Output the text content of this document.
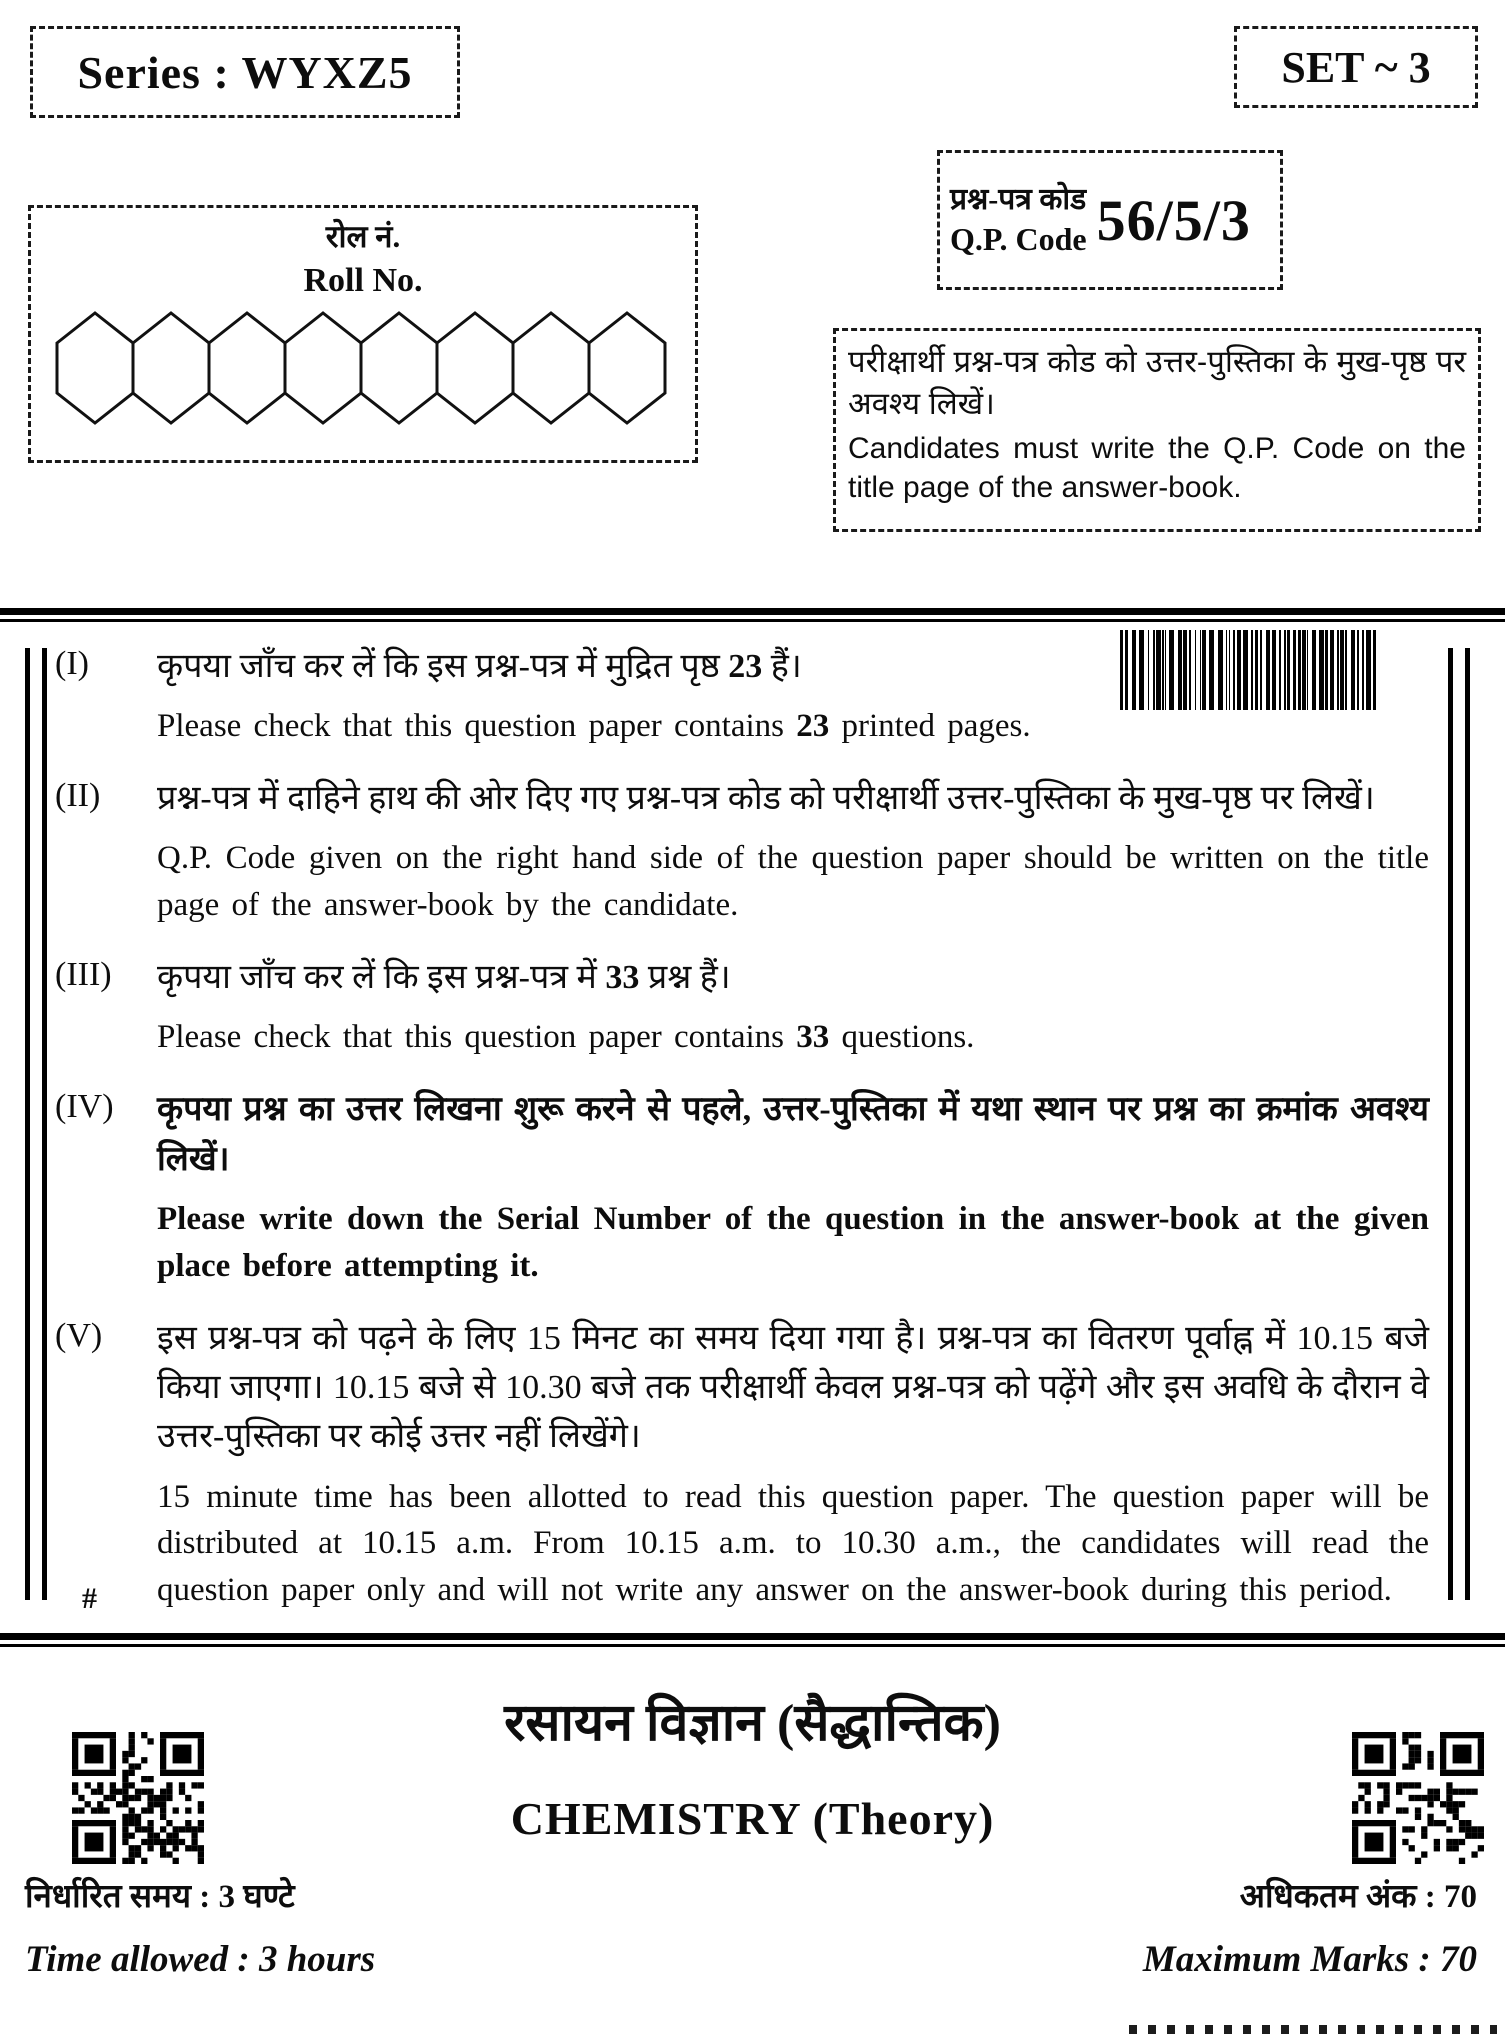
Series : WYXZ5	SET ~ 3
रोल नं.
Roll No.
प्रश्न-पत्र कोड
Q.P. Code 56/5/3

परीक्षार्थी प्रश्न-पत्र कोड को उत्तर-पुस्तिका के मुख-पृष्ठ पर अवश्य लिखें।

Candidates must write the Q.P. Code on the title page of the answer-book.

(I)	कृपया जाँच कर लें कि इस प्रश्न-पत्र में मुद्रित पृष्ठ 23 हैं।

Please check that this question paper contains 23 printed pages.

(II)	प्रश्न-पत्र में दाहिने हाथ की ओर दिए गए प्रश्न-पत्र कोड को परीक्षार्थी उत्तर-पुस्तिका के मुख-पृष्ठ पर लिखें।

Q.P. Code given on the right hand side of the question paper should be written on the title page of the answer-book by the candidate.

(III)	कृपया जाँच कर लें कि इस प्रश्न-पत्र में 33 प्रश्न हैं।

Please check that this question paper contains 33 questions.

(IV)	कृपया प्रश्न का उत्तर लिखना शुरू करने से पहले, उत्तर-पुस्तिका में यथा स्थान पर प्रश्न का क्रमांक अवश्य लिखें।

Please write down the Serial Number of the question in the answer-book at the given place before attempting it.

(V)	इस प्रश्न-पत्र को पढ़ने के लिए 15 मिनट का समय दिया गया है। प्रश्न-पत्र का वितरण पूर्वाह्न में 10.15 बजे किया जाएगा। 10.15 बजे से 10.30 बजे तक परीक्षार्थी केवल प्रश्न-पत्र को पढ़ेंगे और इस अवधि के दौरान वे उत्तर-पुस्तिका पर कोई उत्तर नहीं लिखेंगे।

15 minute time has been allotted to read this question paper. The question paper will be distributed at 10.15 a.m. From 10.15 a.m. to 10.30 a.m., the candidates will read the question paper only and will not write any answer on the answer-book during this period.

#
रसायन विज्ञान (सैद्धान्तिक)
CHEMISTRY (Theory)
निर्धारित समय : 3 घण्टे	अधिकतम अंक : 70
Time allowed : 3 hours	Maximum Marks : 70
